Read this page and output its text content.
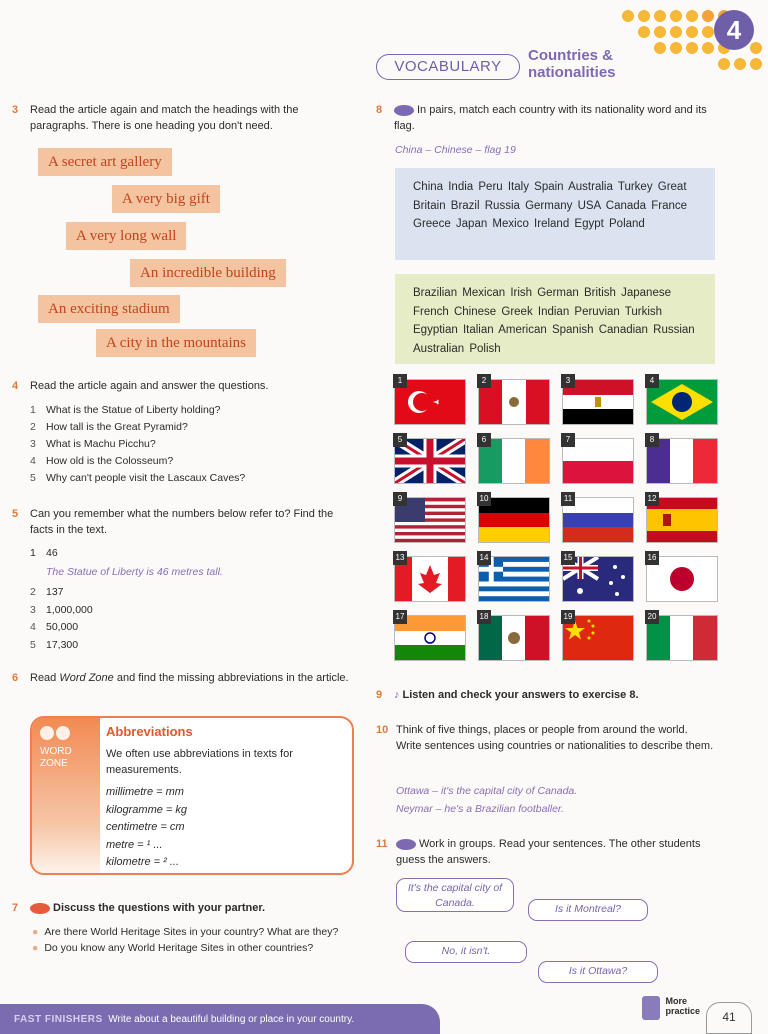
4
VOCABULARY
Countries &
nationalities
3 Read the article again and match the headings with the paragraphs. There is one heading you don't need.
A secret art gallery
A very big gift
A very long wall
An incredible building
An exciting stadium
A city in the mountains
4 Read the article again and answer the questions.
1 What is the Statue of Liberty holding?
2 How tall is the Great Pyramid?
3 What is Machu Picchu?
4 How old is the Colosseum?
5 Why can't people visit the Lascaux Caves?
5 Can you remember what the numbers below refer to? Find the facts in the text.
1 46
The Statue of Liberty is 46 metres tall.
2 137
3 1,000,000
4 50,000
5 17,300
6 Read Word Zone and find the missing abbreviations in the article.
WORD
ZONE
Abbreviations
We often use abbreviations in texts for measurements.
millimetre = mm
kilogramme = kg
centimetre = cm
metre = ¹ ...
kilometre = ² ...
7	Discuss the questions with your partner.
● Are there World Heritage Sites in your country? What are they?
● Do you know any World Heritage Sites in other countries?
8	In pairs, match each country with its nationality word and its flag.
China – Chinese – flag 19
China India Peru Italy Spain Australia Turkey Great Britain Brazil Russia Germany USA Canada France Greece Japan Mexico Ireland Egypt Poland
Brazilian Mexican Irish German British Japanese French Chinese Greek Indian Peruvian Turkish Egyptian Italian American Spanish Canadian Russian Australian Polish
1	2	3	4
5	6	7	8
9	10	11	12
13	14	15	16
17	18	19	20
9 ♪ Listen and check your answers to exercise 8.
10 Think of five things, places or people from around the world. Write sentences using countries or nationalities to describe them.
Ottawa – it's the capital city of Canada.
Neymar – he's a Brazilian footballer.
11	Work in groups. Read your sentences. The other students guess the answers.
It's the capital city of Canada.	Is it Montreal?
No, it isn't.
Is it Ottawa?
FAST FINISHERS Write about a beautiful building or place in your country.
More
practice	41
